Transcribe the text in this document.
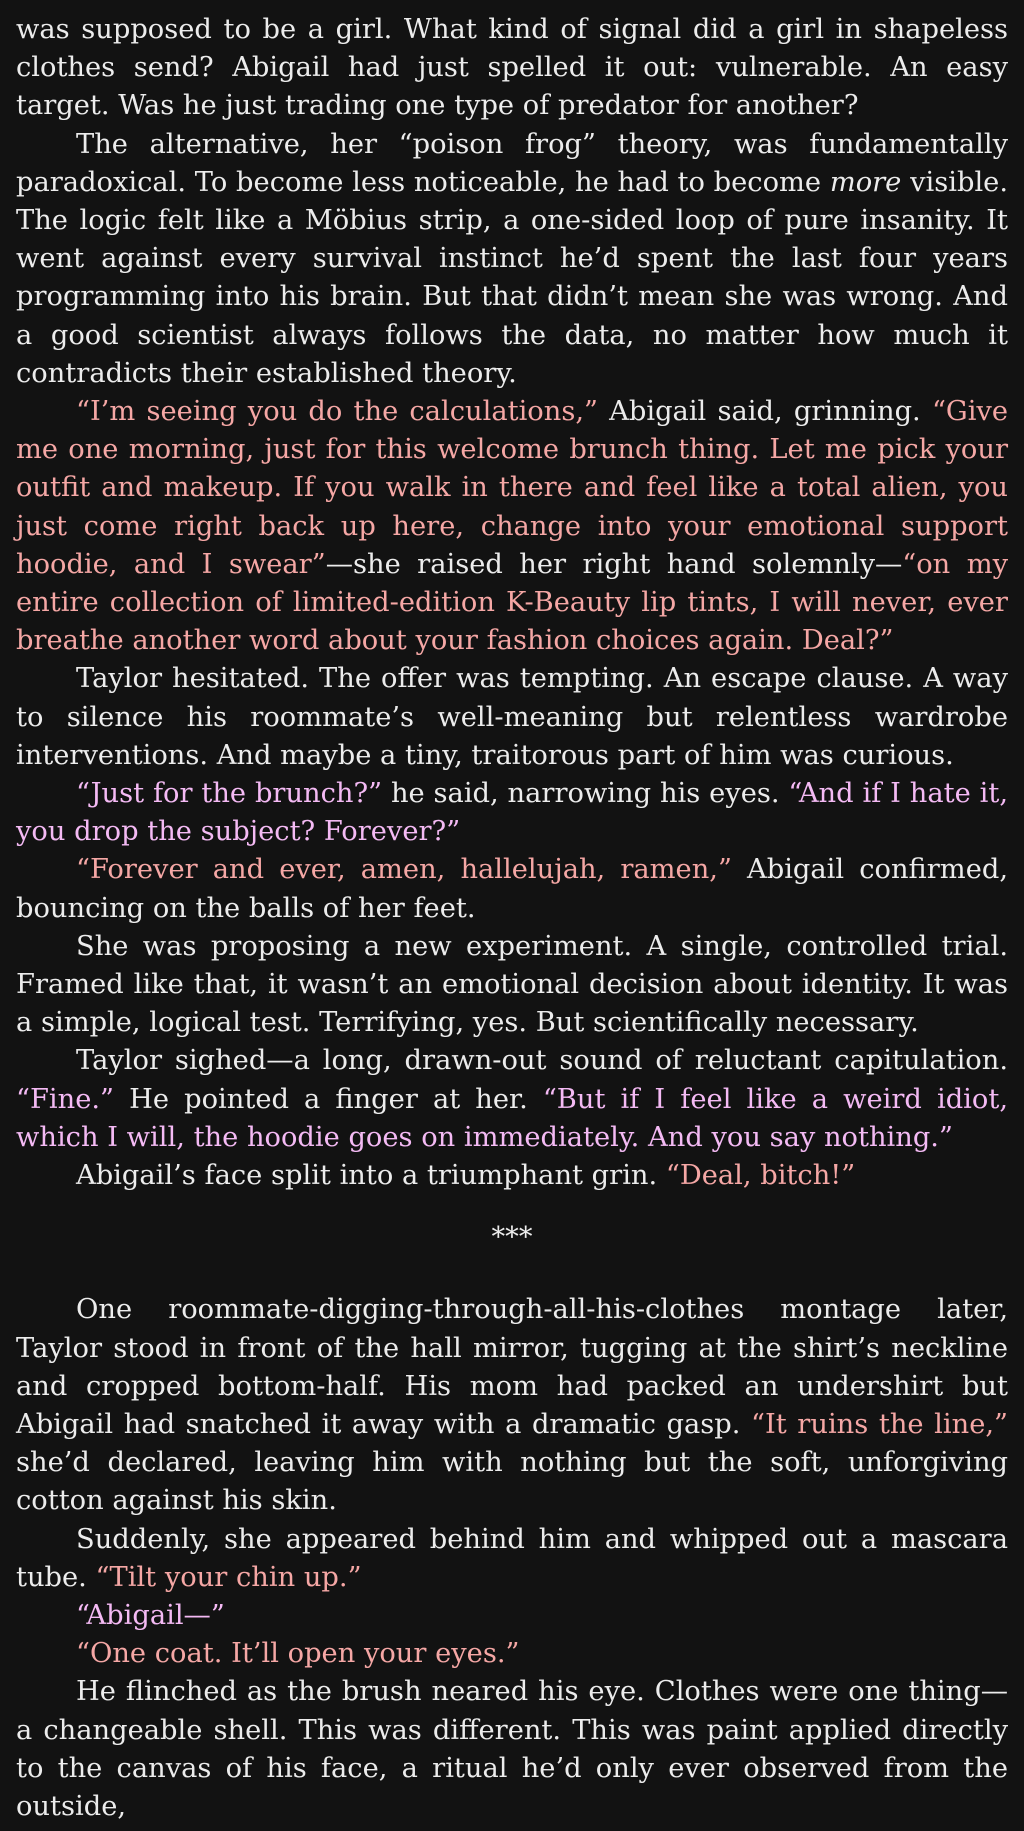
was supposed to be a girl. What kind of signal did a girl in shapeless clothes send? Abigail had just spelled it out: vulnerable. An easy target. Was he just trading one type of predator for another?

The alternative, her “poison frog” theory, was fundamentally paradoxical. To become less noticeable, he had to become more visible. The logic felt like a Möbius strip, a one-sided loop of pure insanity. It went against every survival instinct he’d spent the last four years programming into his brain. But that didn’t mean she was wrong. And a good scientist always follows the data, no matter how much it contradicts their established theory.

“I’m seeing you do the calculations,” Abigail said, grinning. “Give me one morning, just for this welcome brunch thing. Let me pick your outfit and makeup. If you walk in there and feel like a total alien, you just come right back up here, change into your emotional support hoodie, and I swear”—she raised her right hand solemnly—“on my entire collection of limited-edition K-Beauty lip tints, I will never, ever breathe another word about your fashion choices again. Deal?”

Taylor hesitated. The offer was tempting. An escape clause. A way to silence his roommate’s well-meaning but relentless wardrobe interventions. And maybe a tiny, traitorous part of him was curious.

“Just for the brunch?” he said, narrowing his eyes. “And if I hate it, you drop the subject? Forever?”

“Forever and ever, amen, hallelujah, ramen,” Abigail confirmed, bouncing on the balls of her feet.

She was proposing a new experiment. A single, controlled trial. Framed like that, it wasn’t an emotional decision about identity. It was a simple, logical test. Terrifying, yes. But scientifically necessary.

Taylor sighed—a long, drawn-out sound of reluctant capitulation. “Fine.” He pointed a finger at her. “But if I feel like a weird idiot, which I will, the hoodie goes on immediately. And you say nothing.”

Abigail’s face split into a triumphant grin. “Deal, bitch!”

***

One roommate-digging-through-all-his-clothes montage later, Taylor stood in front of the hall mirror, tugging at the shirt’s neckline and cropped bottom-half. His mom had packed an undershirt but Abigail had snatched it away with a dramatic gasp. “It ruins the line,” she’d declared, leaving him with nothing but the soft, unforgiving cotton against his skin.

Suddenly, she appeared behind him and whipped out a mascara tube. “Tilt your chin up.”

“Abigail—”

“One coat. It’ll open your eyes.”

He flinched as the brush neared his eye. Clothes were one thing—a changeable shell. This was different. This was paint applied directly to the canvas of his face, a ritual he’d only ever observed from the outside,
